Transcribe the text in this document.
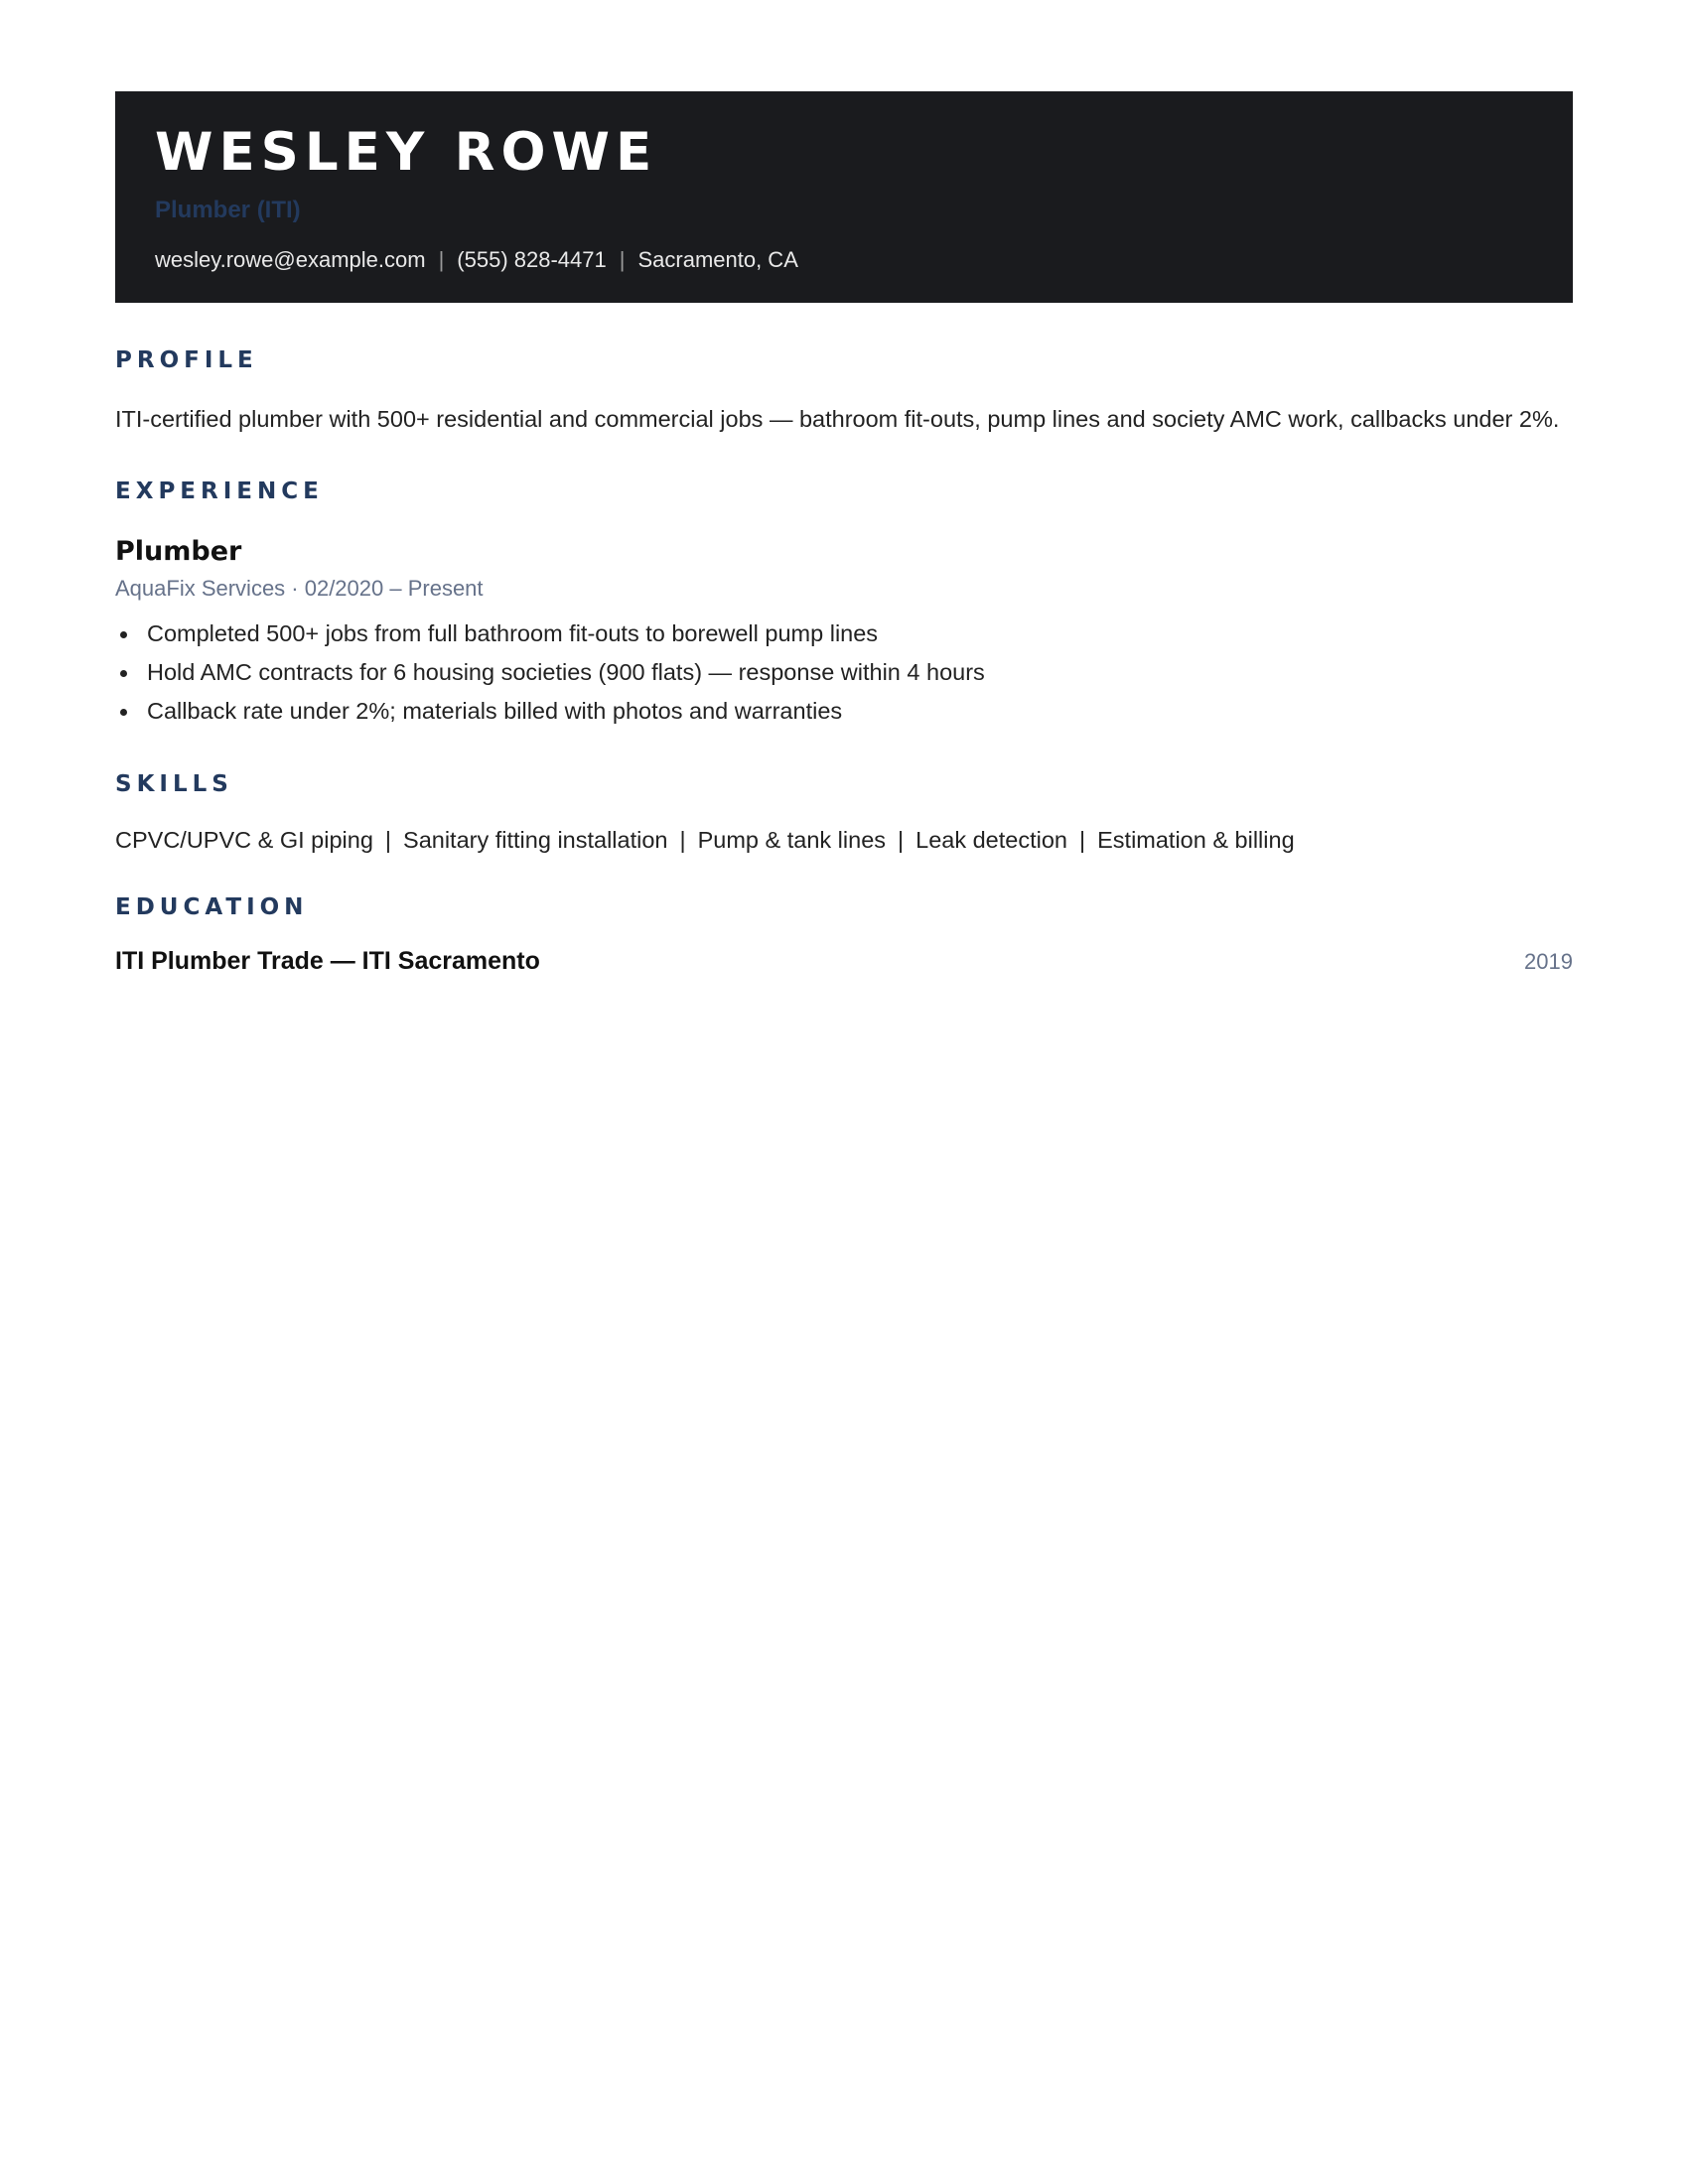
WESLEY ROWE
Plumber (ITI)
wesley.rowe@example.com | (555) 828-4471 | Sacramento, CA
PROFILE
ITI-certified plumber with 500+ residential and commercial jobs — bathroom fit-outs, pump lines and society AMC work, callbacks under 2%.
EXPERIENCE
Plumber
AquaFix Services · 02/2020 – Present
Completed 500+ jobs from full bathroom fit-outs to borewell pump lines
Hold AMC contracts for 6 housing societies (900 flats) — response within 4 hours
Callback rate under 2%; materials billed with photos and warranties
SKILLS
CPVC/UPVC & GI piping | Sanitary fitting installation | Pump & tank lines | Leak detection | Estimation & billing
EDUCATION
ITI Plumber Trade — ITI Sacramento	2019
